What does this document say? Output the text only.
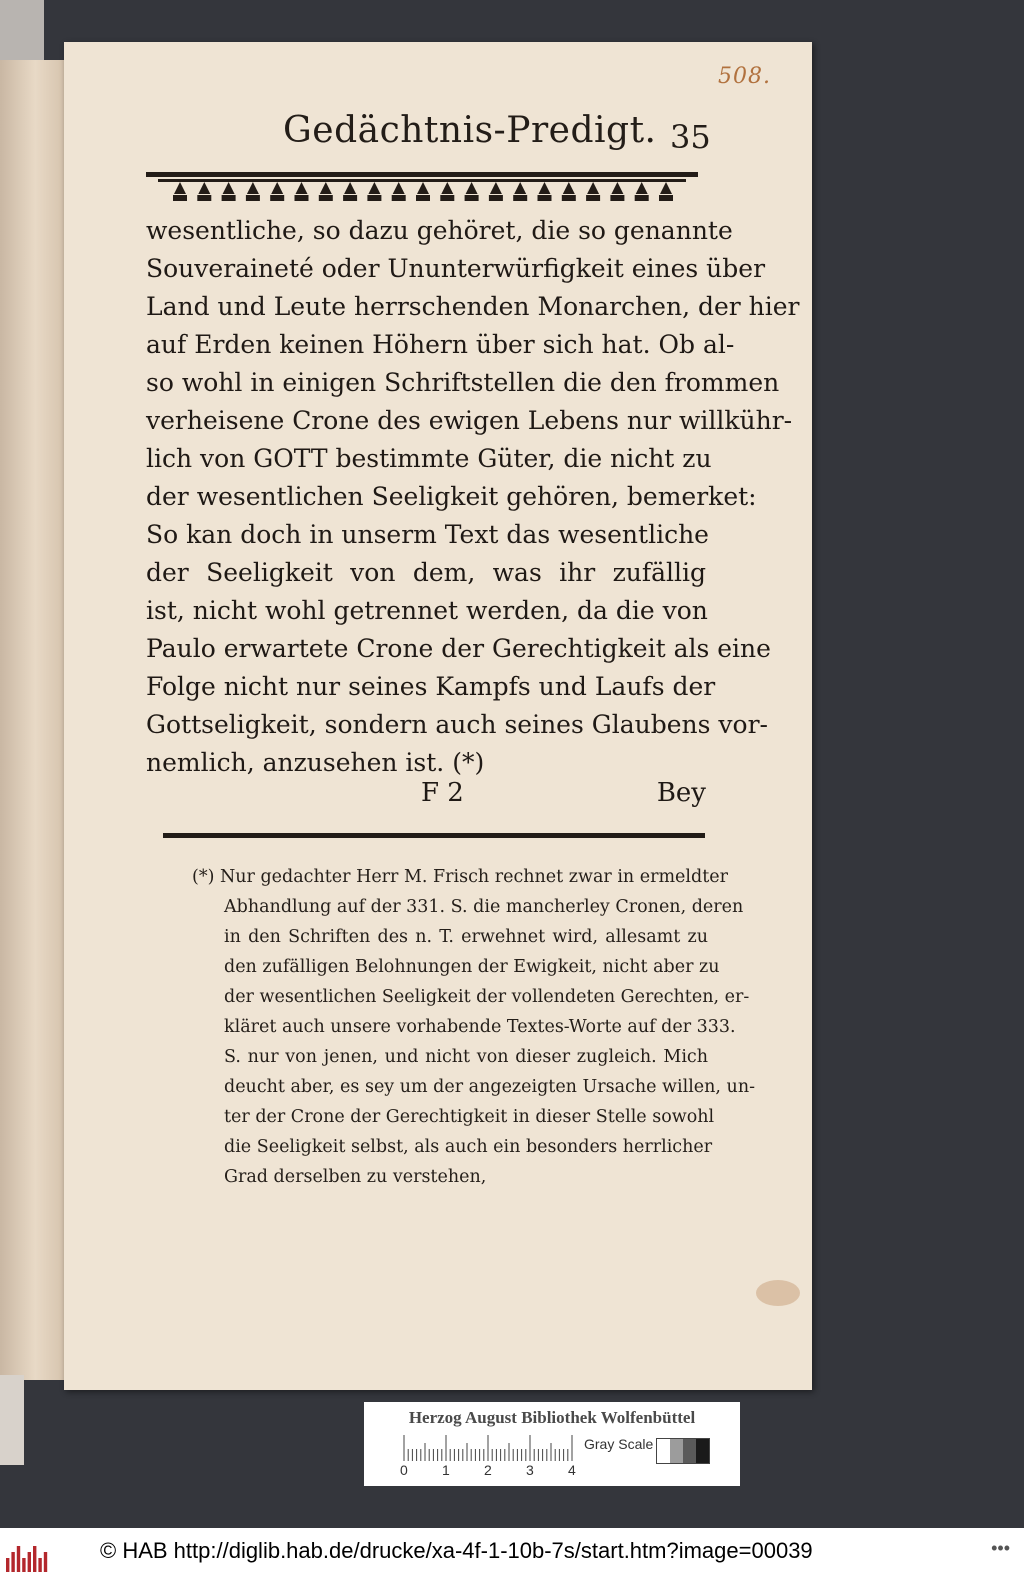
508.
Gedächtnis-Predigt. 35
wesentliche, so dazu gehöret, die so genannte
Souveraineté oder Ununterwürfigkeit eines über
Land und Leute herrschenden Monarchen, der hier
auf Erden keinen Höhern über sich hat. Ob al-
so wohl in einigen Schriftstellen die den frommen
verheisene Crone des ewigen Lebens nur willkühr-
lich von GOTT bestimmte Güter, die nicht zu
der wesentlichen Seeligkeit gehören, bemerket:
So kan doch in unserm Text das wesentliche
der Seeligkeit von dem, was ihr zufällig
ist, nicht wohl getrennet werden, da die von
Paulo erwartete Crone der Gerechtigkeit als eine
Folge nicht nur seines Kampfs und Laufs der
Gottseligkeit, sondern auch seines Glaubens vor-
nemlich, anzusehen ist. (*)
F 2	Bey
(*) Nur gedachter Herr M. Frisch rechnet zwar in ermeldter
Abhandlung auf der 331. S. die mancherley Cronen, deren
in den Schriften des n. T. erwehnet wird, allesamt zu
den zufälligen Belohnungen der Ewigkeit, nicht aber zu
der wesentlichen Seeligkeit der vollendeten Gerechten, er-
kläret auch unsere vorhabende Textes-Worte auf der 333.
S. nur von jenen, und nicht von dieser zugleich. Mich
deucht aber, es sey um der angezeigten Ursache willen, un-
ter der Crone der Gerechtigkeit in dieser Stelle sowohl
die Seeligkeit selbst, als auch ein besonders herrlicher
Grad derselben zu verstehen,
Herzog August Bibliothek Wolfenbüttel
0 1 2 3 4
Gray Scale
© HAB http://diglib.hab.de/drucke/xa-4f-1-10b-7s/start.htm?image=00039	•••
